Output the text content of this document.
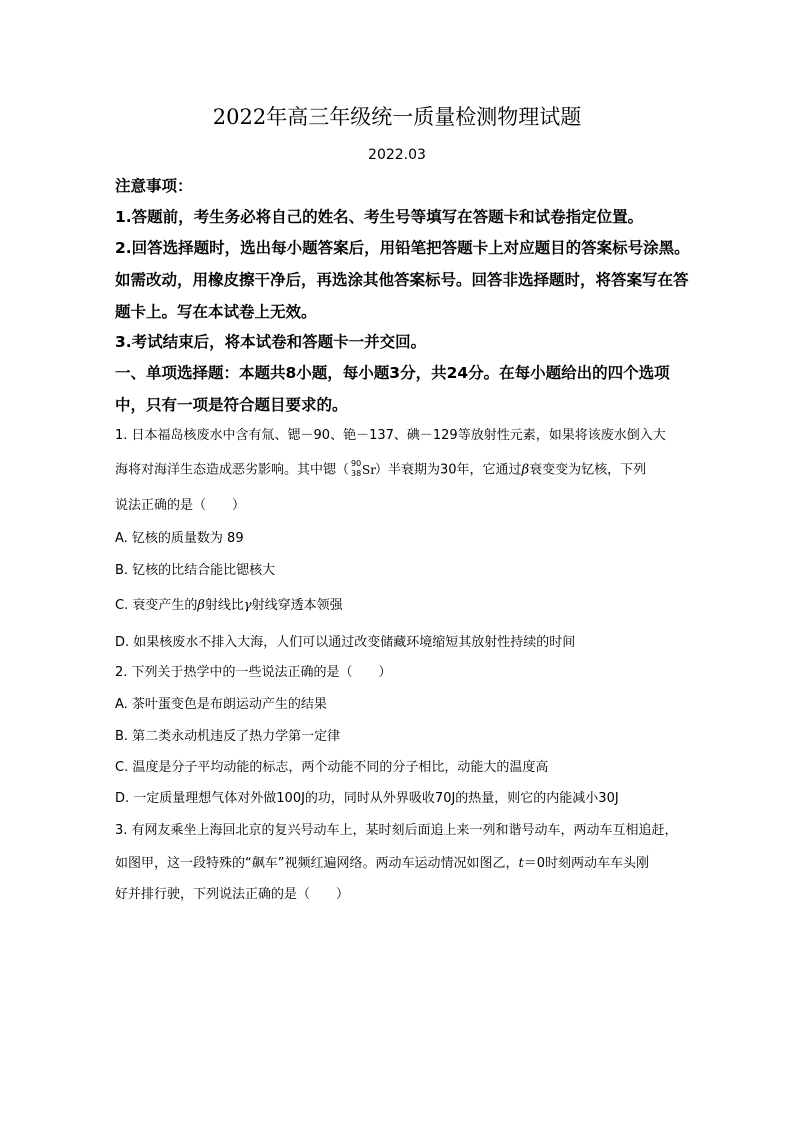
2022年高三年级统一质量检测物理试题
2022.03
注意事项：
1.答题前，考生务必将自己的姓名、考生号等填写在答题卡和试卷指定位置。
2.回答选择题时，选出每小题答案后，用铅笔把答题卡上对应题目的答案标号涂黑。
如需改动，用橡皮擦干净后，再选涂其他答案标号。回答非选择题时，将答案写在答
题卡上。写在本试卷上无效。
3.考试结束后，将本试卷和答题卡一并交回。
一、单项选择题：本题共8小题，每小题3分，共24分。在每小题给出的四个选项
中，只有一项是符合题目要求的。
1. 日本福岛核废水中含有氚、锶－90、铯－137、碘－129等放射性元素，如果将该废水倒入大
海将对海洋生态造成恶劣影响。其中锶（ 90
38 Sr ）半衰期为30年，它通过β衰变变为钇核，下列
说法正确的是（　　）
A. 钇核的质量数为 89
B. 钇核的比结合能比锶核大
C. 衰变产生的β射线比γ射线穿透本领强
D. 如果核废水不排入大海，人们可以通过改变储藏环境缩短其放射性持续的时间
2. 下列关于热学中的一些说法正确的是（　　）
A. 茶叶蛋变色是布朗运动产生的结果
B. 第二类永动机违反了热力学第一定律
C. 温度是分子平均动能的标志，两个动能不同的分子相比，动能大的温度高
D. 一定质量理想气体对外做100J的功，同时从外界吸收70J的热量，则它的内能减小30J
3. 有网友乘坐上海回北京的复兴号动车上，某时刻后面追上来一列和谐号动车，两动车互相追赶，
如图甲，这一段特殊的“飙车”视频红遍网络。两动车运动情况如图乙，t＝0时刻两动车车头刚
好并排行驶，下列说法正确的是（　　）
